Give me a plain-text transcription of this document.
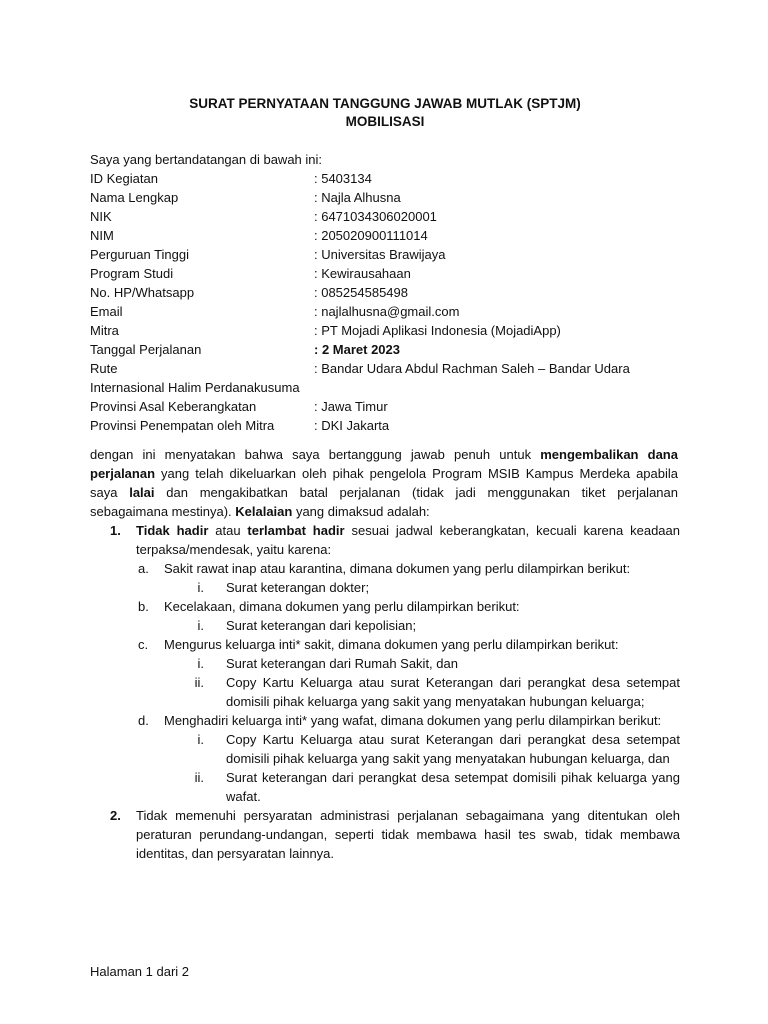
SURAT PERNYATAAN TANGGUNG JAWAB MUTLAK (SPTJM)
MOBILISASI
Saya yang bertandatangan di bawah ini:
ID Kegiatan	: 5403134
Nama Lengkap	: Najla Alhusna
NIK	: 6471034306020001
NIM	: 205020900111014
Perguruan Tinggi	: Universitas Brawijaya
Program Studi	: Kewirausahaan
No. HP/Whatsapp	: 085254585498
Email	: najlalhusna@gmail.com
Mitra	: PT Mojadi Aplikasi Indonesia (MojadiApp)
Tanggal Perjalanan	: 2 Maret 2023
Rute	: Bandar Udara Abdul Rachman Saleh – Bandar Udara
Internasional Halim Perdanakusuma
Provinsi Asal Keberangkatan	: Jawa Timur
Provinsi Penempatan oleh Mitra	: DKI Jakarta
dengan ini menyatakan bahwa saya bertanggung jawab penuh untuk mengembalikan dana perjalanan yang telah dikeluarkan oleh pihak pengelola Program MSIB Kampus Merdeka apabila saya lalai dan mengakibatkan batal perjalanan (tidak jadi menggunakan tiket perjalanan sebagaimana mestinya). Kelalaian yang dimaksud adalah:
1. Tidak hadir atau terlambat hadir sesuai jadwal keberangkatan, kecuali karena keadaan terpaksa/mendesak, yaitu karena:
a. Sakit rawat inap atau karantina, dimana dokumen yang perlu dilampirkan berikut:
i. Surat keterangan dokter;
b. Kecelakaan, dimana dokumen yang perlu dilampirkan berikut:
i. Surat keterangan dari kepolisian;
c. Mengurus keluarga inti* sakit, dimana dokumen yang perlu dilampirkan berikut:
i. Surat keterangan dari Rumah Sakit, dan
ii. Copy Kartu Keluarga atau surat Keterangan dari perangkat desa setempat domisili pihak keluarga yang sakit yang menyatakan hubungan keluarga;
d. Menghadiri keluarga inti* yang wafat, dimana dokumen yang perlu dilampirkan berikut:
i. Copy Kartu Keluarga atau surat Keterangan dari perangkat desa setempat domisili pihak keluarga yang sakit yang menyatakan hubungan keluarga, dan
ii. Surat keterangan dari perangkat desa setempat domisili pihak keluarga yang wafat.
2. Tidak memenuhi persyaratan administrasi perjalanan sebagaimana yang ditentukan oleh peraturan perundang-undangan, seperti tidak membawa hasil tes swab, tidak membawa identitas, dan persyaratan lainnya.
Halaman 1 dari 2
